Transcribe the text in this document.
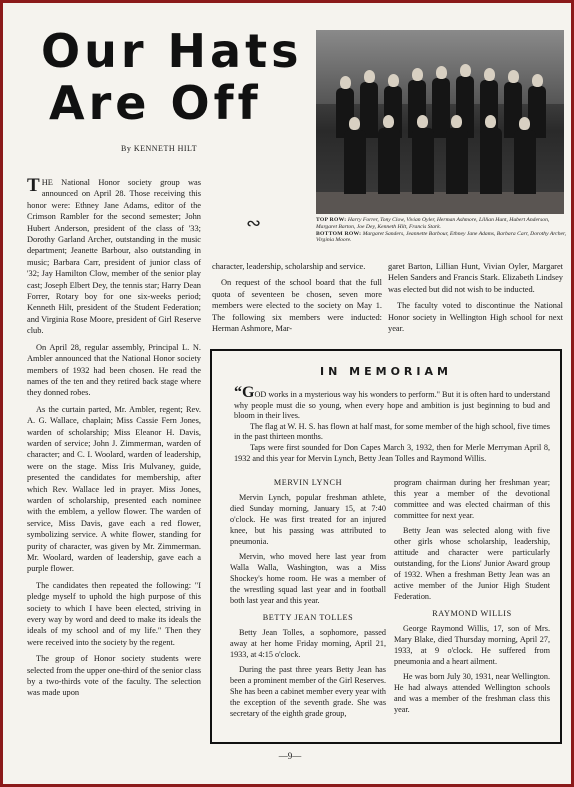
Our Hats
Are Off
By KENNETH HILT

THE National Honor society group was announced on April 28. Those receiving this honor were: Ethney Jane Adams, editor of the Crimson Rambler for the second semester; John Hubert Anderson, president of the class of '33; Dorothy Garland Archer, outstanding in the music department; Jeanette Barbour, also outstanding in music; Barbara Carr, president of junior class of '32; Jay Hamilton Clow, member of the senior play cast; Joseph Elbert Dey, the tennis star; Harry Dean Forrer, Rotary boy for one six-weeks period; Kenneth Hilt, president of the Student Federation; and Virginia Rose Moore, president of Girl Reserve club.

On April 28, regular assembly, Principal L. N. Ambler announced that the National Honor society members of 1932 had been chosen. He read the names of the ten and they retired back stage where they donned robes.

As the curtain parted, Mr. Ambler, regent; Rev. A. G. Wallace, chaplain; Miss Cassie Fern Jones, warden of scholarship; Miss Eleanor H. Davis, warden of service; John J. Zimmerman, warden of character; and C. I. Woolard, warden of leadership, were on the stage. Miss Iris Mulvaney, guide, presented the candidates for membership, after which Rev. Wallace led in prayer. Miss Jones, warden of scholarship, presented each nominee with the emblem, a yellow flower. The warden of service, Miss Davis, gave each a red flower, symbolizing service. A white flower, standing for purity of character, was given by Mr. Zimmerman. Mr. Woolard, warden of leadership, gave each a purple flower.

The candidates then repeated the following: "I pledge myself to uphold the high purpose of this society to which I have been elected, striving in every way by word and deed to make its ideals the ideals of my school and of my life." Then they were received into the society by the regent.

The group of Honor society students were selected from the upper one-third of the senior class by a two-thirds vote of the faculty. The selection was made upon

∾

character, leadership, scholarship and service.

On request of the school board that the full quota of seventeen be chosen, seven more members were elected to the society on May 1. The following six members were inducted: Herman Ashmore, Mar-

garet Barton, Lillian Hunt, Vivian Oyler, Margaret Helen Sanders and Francis Stark. Elizabeth Lindsey was elected but did not wish to be inducted.

The faculty voted to discontinue the National Honor society in Wellington High school for next year.

TOP ROW: Harry Forrer, Tony Clow, Vivian Oyler, Herman Ashmore, Lillian Hunt, Hubert Anderson, Margaret Barton, Joe Dey, Kenneth Hilt, Francis Stark.
BOTTOM ROW: Margaret Sanders, Jeannette Barbour, Ethney Jane Adams, Barbara Carr, Dorothy Archer, Virginia Moore.
IN MEMORIAM

“GOD works in a mysterious way his wonders to perform." But it is often hard to understand why people must die so young, when every hope and ambition is just beginning to bud and bloom in their lives.

The flag at W. H. S. has flown at half mast, for some member of the high school, five times in the past thirteen months.

Taps were first sounded for Don Capes March 3, 1932, then for Merle Merryman April 8, 1932 and this year for Mervin Lynch, Betty Jean Tolles and Raymond Willis.

MERVIN LYNCH

Mervin Lynch, popular freshman athlete, died Sunday morning, January 15, at 7:40 o'clock. He was first treated for an injured knee, but his passing was attributed to pneumonia.

Mervin, who moved here last year from Walla Walla, Washington, was a Miss Shockey's home room. He was a member of the wrestling squad last year and in football both last year and this year.

BETTY JEAN TOLLES

Betty Jean Tolles, a sophomore, passed away at her home Friday morning, April 21, 1933, at 4:15 o'clock.

During the past three years Betty Jean has been a prominent member of the Girl Reserves. She has been a cabinet member every year with the exception of the seventh grade. She was secretary of the eighth grade group,

program chairman during her freshman year; this year a member of the devotional committee and was elected chairman of this committee for next year.

Betty Jean was selected along with five other girls whose scholarship, leadership, attitude and character were particularly outstanding, for the Lions' Junior Award group of 1932. When a freshman Betty Jean was an active member of the Junior High Student Federation.

RAYMOND WILLIS

George Raymond Willis, 17, son of Mrs. Mary Blake, died Thursday morning, April 27, 1933, at 9 o'clock. He suffered from pneumonia and a heart ailment.

He was born July 30, 1931, near Wellington. He had always attended Wellington schools and was a member of the freshman class this year.

—9—
